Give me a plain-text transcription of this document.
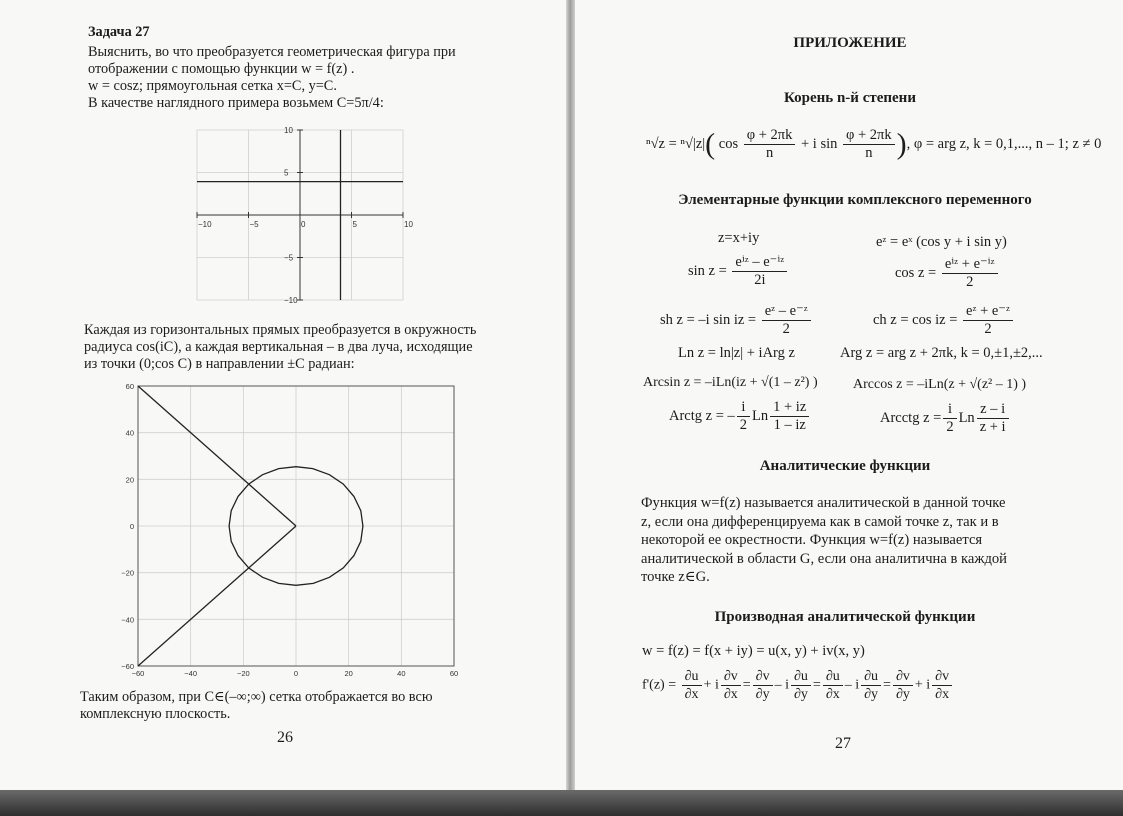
Задача 27
Выяснить, во что преобразуется геометрическая фигура при
отображении с помощью функции w = f(z) .
w = cosz; прямоугольная сетка x=C, y=C.
В качестве наглядного примера возьмем C=5π/4:
−10	−5	0	5	10
−10
−5
5
10
Каждая из горизонтальных прямых преобразуется в окружность
радиуса cos(iC), а каждая вертикальная – в два луча, исходящие
из точки (0;cos C) в направлении ±C радиан:
−60	−40	−20	0	20	40	60
−60
−40
−20
0
20
40
60
Таким образом, при C∈(–∞;∞) сетка отображается во всю
комплексную плоскость.
26
ПРИЛОЖЕНИЕ
Корень n-й степени
ⁿ√z = ⁿ√|z|( $\cos \frac{\varphi + 2\pi k}{n} + i$ $\sin \frac{\varphi + 2\pi k}{n}$ ), φ = arg z, k = 0,1,..., n – 1; z ≠ 0
Элементарные функции комплексного переменного
z=x+iy	eᶻ = eˣ (cos y + i sin y)
$\sin z = \frac{\text{eⁱᶻ – e⁻ⁱᶻ}}{2i}$	$\cos z = \frac{\text{eⁱᶻ + e⁻ⁱᶻ}}{2}$
sh z = –i sin iz = $\frac{\text{eᶻ – e⁻ᶻ}}{2}$	ch z = cos iz = $\frac{\text{eᶻ + e⁻ᶻ}}{2}$
Ln z = ln|z| + iArg z	Arg z = arg z + 2πk, k = 0,±1,±2,...
Arcsin z = –iLn(iz + √(1 – z²) )	Arccos z = –iLn(z + √(z² – 1) )
Arctg z = – $\frac{i}{2}$ Ln $\frac{1 + iz}{1 - iz}$	Arcctg $z = \frac{i}{2}$ Ln $\frac{z - i}{z + i}$
Аналитические функции
Функция w=f(z) называется аналитической в данной точке
z, если она дифференцируема как в самой точке z, так и в
некоторой ее окрестности. Функция w=f(z) называется
аналитической в области G, если она аналитична в каждой
точке z∈G.
Производная аналитической функции
w = f(z) = f(x + iy) = u(x, y) + iv(x, y)
$f'(z) = \frac{\partial u}{\partial x} + i \frac{\partial v}{\partial x} = \frac{\partial v}{\partial y} - i \frac{\partial u}{\partial y} = \frac{\partial u}{\partial x} - i \frac{\partial u}{\partial y} = \frac{\partial v}{\partial y} + i \frac{\partial v}{\partial x}$
27
